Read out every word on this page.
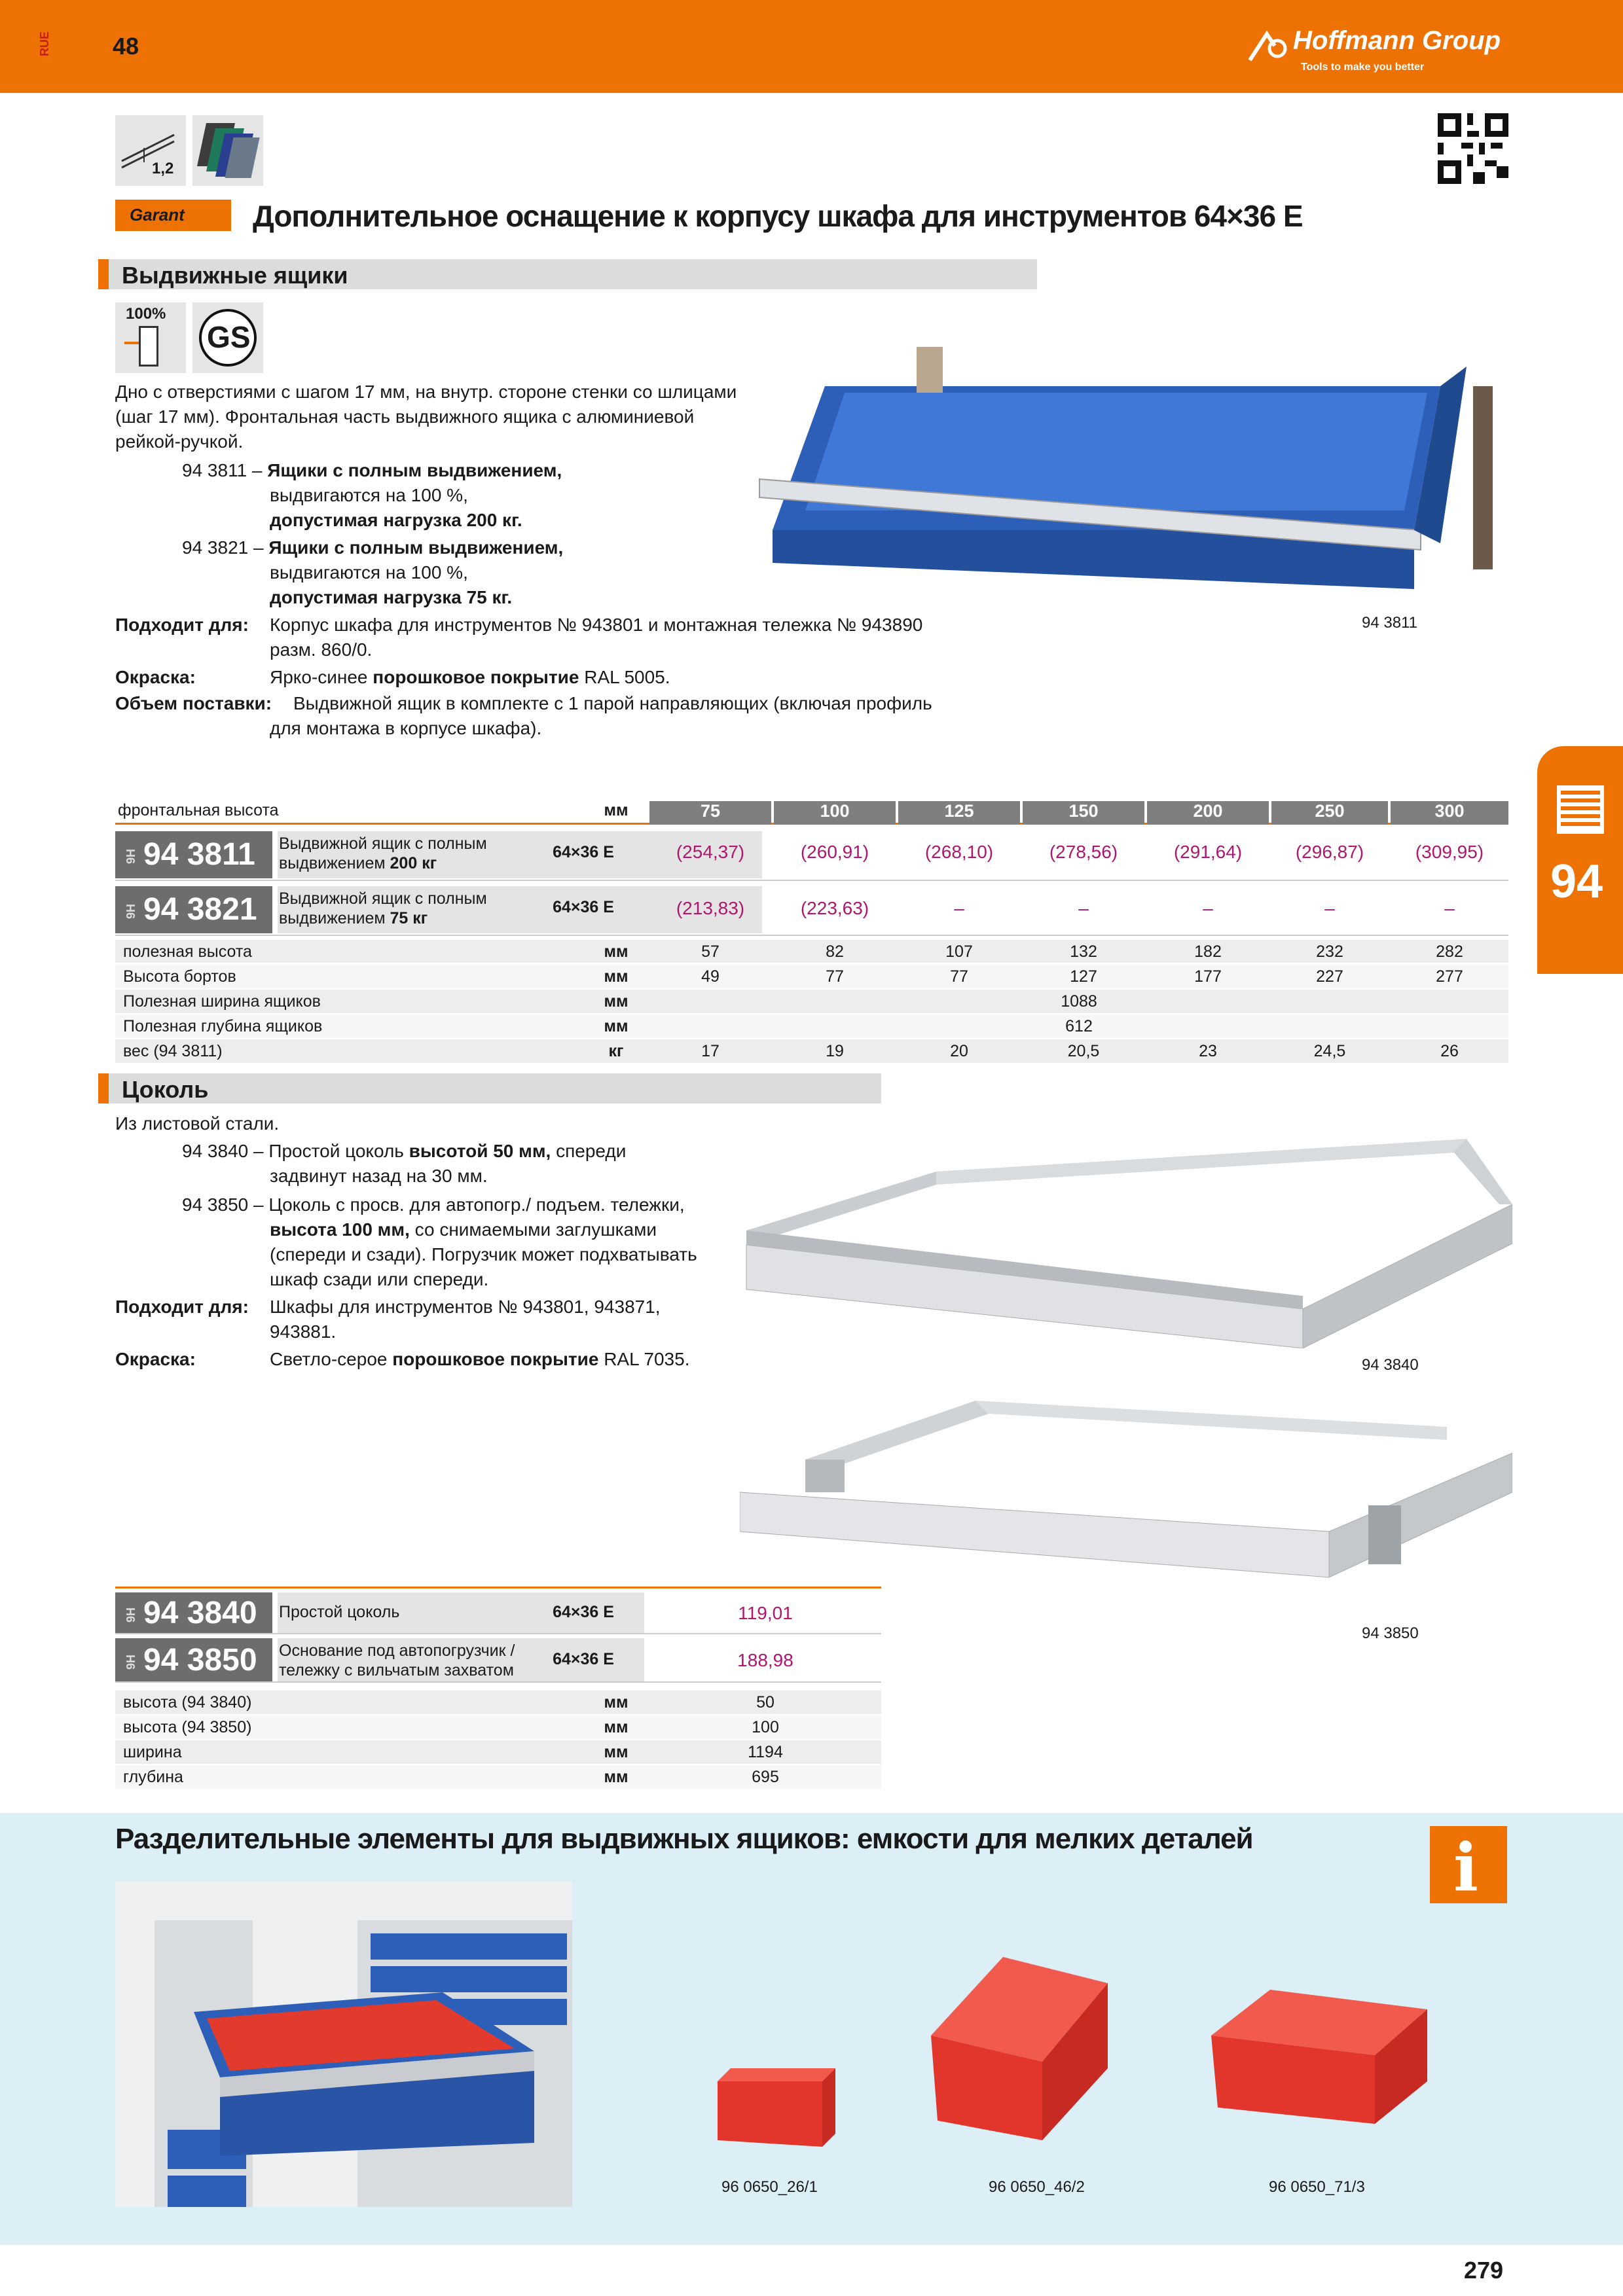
RUE	48	Hoffmann Group
Tools to make you better
94
1,2
Garant Дополнительное оснащение к корпусу шкафа для инструментов 64×36 E
Выдвижные ящики
100%
GS
Дно с отверстиями с шагом 17 мм, на внутр. стороне стенки со шлицами
(шаг 17 мм). Фронтальная часть выдвижного ящика с алюминиевой
рейкой-ручкой.
94 3811 – Ящики с полным выдвижением,
выдвигаются на 100 %,
допустимая нагрузка 200 кг.
94 3821 – Ящики с полным выдвижением,
выдвигаются на 100 %,
допустимая нагрузка 75 кг.
Подходит для: Корпус шкафа для инструментов № 943801 и монтажная тележка № 943890
разм. 860/0.
Окраска:	Ярко-синее порошковое покрытие RAL 5005.
Объем поставки: Выдвижной ящик в комплекте с 1 парой направляющих (включая профиль
для монтажа в корпусе шкафа).
94 3811
фронтальная высота	мм	75	100	125	150	200	250	300
9H 94 3811	Выдвижной ящик с полным
выдвижением 200 кг
64×36 E	(254,37)	(260,91)	(268,10)	(278,56)	(291,64)	(296,87)	(309,95)
9H 94 3821	Выдвижной ящик с полным
выдвижением 75 кг
64×36 E	(213,83)	(223,63)	–	–	–	–	–
полезная высота	мм	57	82	107	132	182	232	282
Высота бортов	мм	49	77	77	127	177	227	277
Полезная ширина ящиков	мм	1088
Полезная глубина ящиков	мм	612
вес (94 3811)	кг	17	19	20	20,5	23	24,5	26
Цоколь
Из листовой стали.
94 3840 – Простой цоколь высотой 50 мм, спереди
задвинут назад на 30 мм.
94 3850 – Цоколь с просв. для автопогр./ подъем. тележки,
высота 100 мм, со снимаемыми заглушками
(спереди и сзади). Погрузчик может подхватывать
шкаф сзади или спереди.
Подходит для: Шкафы для инструментов № 943801, 943871,
943881.
Окраска:	Светло-серое порошковое покрытие RAL 7035.	94 3840
94 3850
9H 94 3840	Простой цоколь	64×36 E	119,01
9H 94 3850	Основание под автопогрузчик /
тележку с вильчатым захватом
64×36 E	188,98
высота (94 3840)	мм	50
высота (94 3850)	мм	100
ширина	мм	1194
глубина	мм	695
Разделительные элементы для выдвижных ящиков: емкости для мелких деталей	i
96 0650_26/1	96 0650_46/2	96 0650_71/3
279
